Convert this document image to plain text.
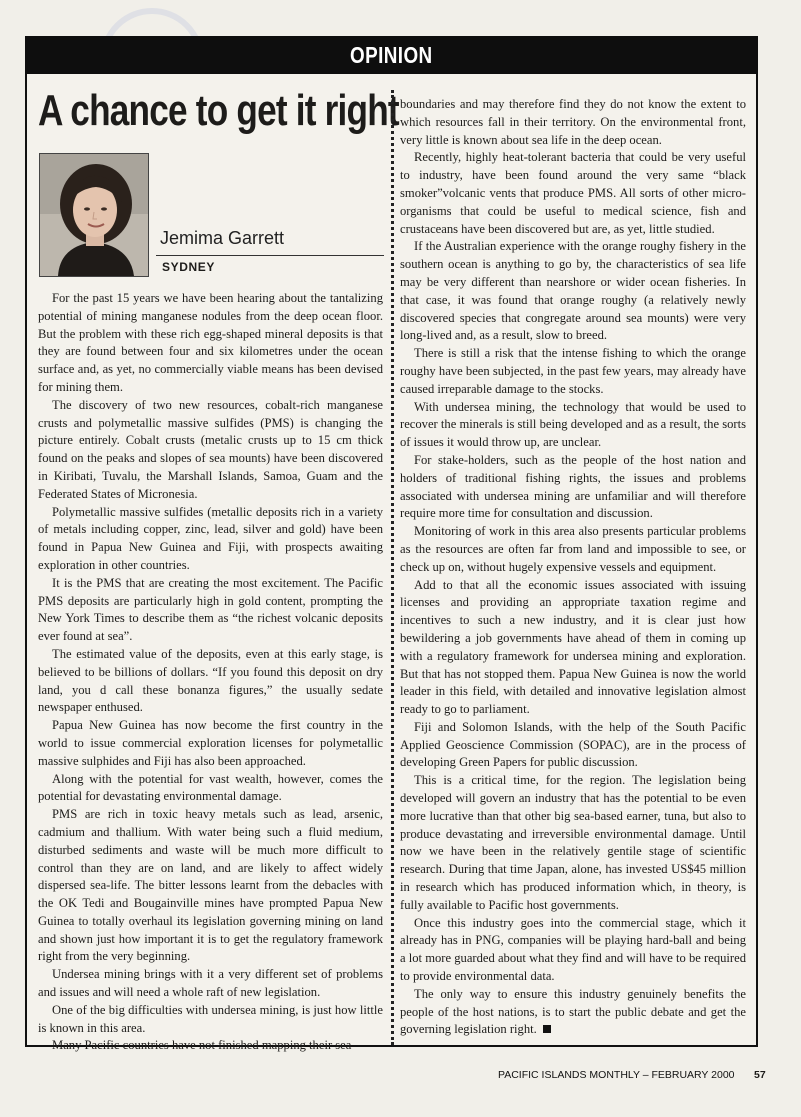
OPINION
A chance to get it right
Jemima Garrett
SYDNEY

For the past 15 years we have been hearing about the tantalizing potential of mining manganese nodules from the deep ocean floor. But the problem with these rich egg-shaped mineral deposits is that they are found between four and six kilometres under the ocean surface and, as yet, no commercially viable means has been devised for mining them.

The discovery of two new resources, cobalt-rich manganese crusts and polymetallic massive sulfides (PMS) is changing the picture entirely. Cobalt crusts (metalic crusts up to 15 cm thick found on the peaks and slopes of sea mounts) have been discovered in Kiribati, Tuvalu, the Marshall Islands, Samoa, Guam and the Federated States of Micronesia.

Polymetallic massive sulfides (metallic deposits rich in a variety of metals including copper, zinc, lead, silver and gold) have been found in Papua New Guinea and Fiji, with prospects awaiting exploration in other countries.

It is the PMS that are creating the most excitement. The Pacific PMS deposits are particularly high in gold content, prompting the New York Times to describe them as “the richest volcanic deposits ever found at sea”.

The estimated value of the deposits, even at this early stage, is believed to be billions of dollars. “If you found this deposit on dry land, you d call these bonanza figures,” the usually sedate newspaper enthused.

Papua New Guinea has now become the first country in the world to issue commercial exploration licenses for polymetallic massive sulphides and Fiji has also been approached.

Along with the potential for vast wealth, however, comes the potential for devastating environmental damage.

PMS are rich in toxic heavy metals such as lead, arsenic, cadmium and thallium. With water being such a fluid medium, disturbed sediments and waste will be much more difficult to control than they are on land, and are likely to affect widely dispersed sea-life. The bitter lessons learnt from the debacles with the OK Tedi and Bougainville mines have prompted Papua New Guinea to totally overhaul its legislation governing mining on land and shown just how important it is to get the regulatory framework right from the very beginning.

Undersea mining brings with it a very different set of problems and issues and will need a whole raft of new legislation.

One of the big difficulties with undersea mining, is just how little is known in this area.

Many Pacific countries have not finished mapping their sea

boundaries and may therefore find they do not know the extent to which resources fall in their territory. On the environmental front, very little is known about sea life in the deep ocean.

Recently, highly heat-tolerant bacteria that could be very useful to industry, have been found around the very same “black smoker”volcanic vents that produce PMS. All sorts of other micro-organisms that could be useful to medical science, fish and crustaceans have been discovered but are, as yet, little studied.

If the Australian experience with the orange roughy fishery in the southern ocean is anything to go by, the characteristics of sea life may be very different than nearshore or wider ocean fisheries. In that case, it was found that orange roughy (a relatively newly discovered species that congregate around sea mounts) were very long-lived and, as a result, slow to breed.

There is still a risk that the intense fishing to which the orange roughy have been subjected, in the past few years, may already have caused irreparable damage to the stocks.

With undersea mining, the technology that would be used to recover the minerals is still being developed and as a result, the sorts of issues it would throw up, are unclear.

For stake-holders, such as the people of the host nation and holders of traditional fishing rights, the issues and problems associated with undersea mining are unfamiliar and will therefore require more time for consultation and discussion.

Monitoring of work in this area also presents particular problems as the resources are often far from land and impossible to see, or check up on, without hugely expensive vessels and equipment.

Add to that all the economic issues associated with issuing licenses and providing an appropriate taxation regime and incentives to such a new industry, and it is clear just how bewildering a job governments have ahead of them in coming up with a regulatory framework for undersea mining and exploration. But that has not stopped them. Papua New Guinea is now the world leader in this field, with detailed and innovative legislation almost ready to go to parliament.

Fiji and Solomon Islands, with the help of the South Pacific Applied Geoscience Commission (SOPAC), are in the process of developing Green Papers for public discussion.

This is a critical time, for the region. The legislation being developed will govern an industry that has the potential to be even more lucrative than that other big sea-based earner, tuna, but also to produce devastating and irreversible environmental damage. Until now we have been in the relatively gentile stage of scientific research. During that time Japan, alone, has invested US$45 million in research which has produced information which, in theory, is fully available to Pacific host governments.

Once this industry goes into the commercial stage, which it already has in PNG, companies will be playing hard-ball and being a lot more guarded about what they find and will have to be required to provide environmental data.

The only way to ensure this industry genuinely benefits the people of the host nations, is to start the public debate and get the governing legislation right.

PACIFIC ISLANDS MONTHLY – FEBRUARY 2000 57
